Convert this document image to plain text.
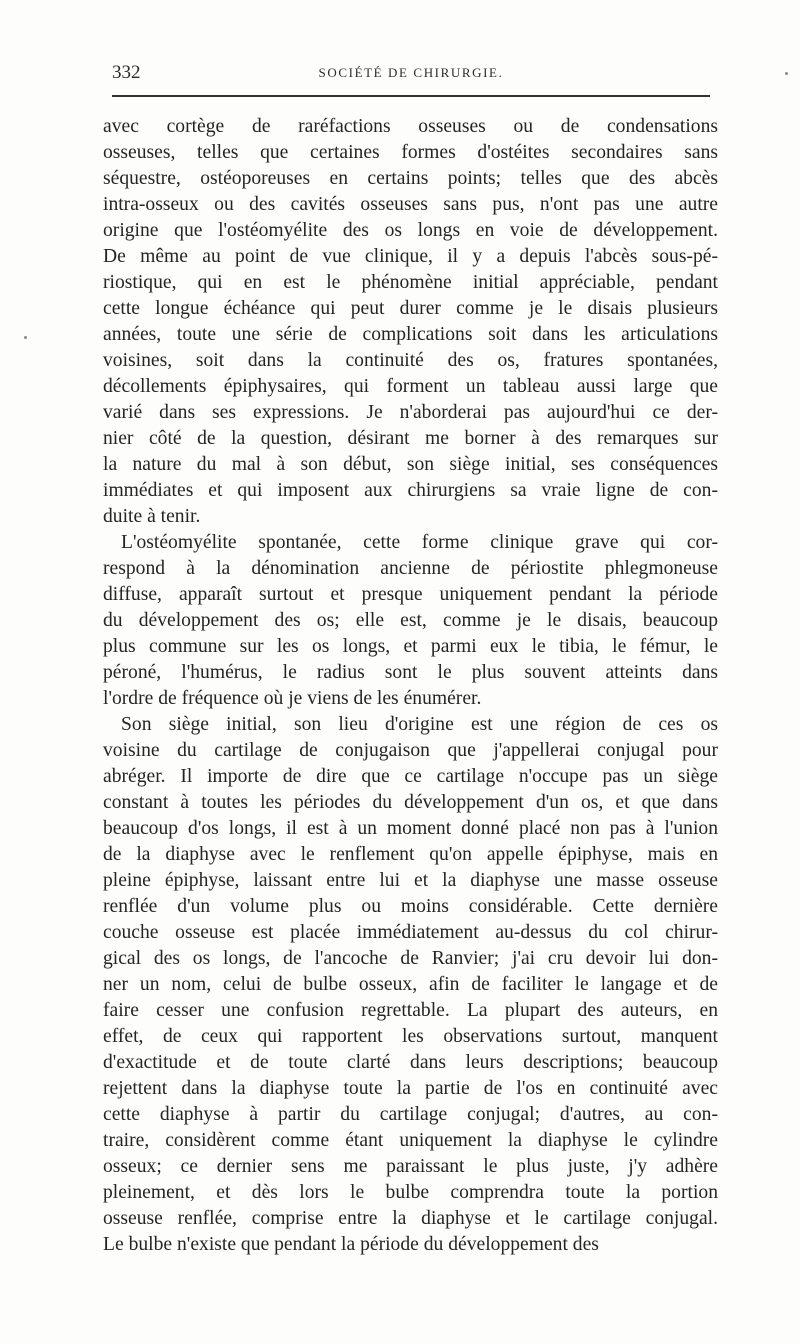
332	SOCIÉTÉ DE CHIRURGIE.
avec cortège de raréfactions osseuses ou de condensations
osseuses, telles que certaines formes d'ostéites secondaires sans
séquestre, ostéoporeuses en certains points; telles que des abcès
intra-osseux ou des cavités osseuses sans pus, n'ont pas une autre
origine que l'ostéomyélite des os longs en voie de développement.
De même au point de vue clinique, il y a depuis l'abcès sous-pé-
riostique, qui en est le phénomène initial appréciable, pendant
cette longue échéance qui peut durer comme je le disais plusieurs
années, toute une série de complications soit dans les articulations
voisines, soit dans la continuité des os, fratures spontanées,
décollements épiphysaires, qui forment un tableau aussi large que
varié dans ses expressions. Je n'aborderai pas aujourd'hui ce der-
nier côté de la question, désirant me borner à des remarques sur
la nature du mal à son début, son siège initial, ses conséquences
immédiates et qui imposent aux chirurgiens sa vraie ligne de con-
duite à tenir.
L'ostéomyélite spontanée, cette forme clinique grave qui cor-
respond à la dénomination ancienne de périostite phlegmoneuse
diffuse, apparaît surtout et presque uniquement pendant la période
du développement des os; elle est, comme je le disais, beaucoup
plus commune sur les os longs, et parmi eux le tibia, le fémur, le
péroné, l'humérus, le radius sont le plus souvent atteints dans
l'ordre de fréquence où je viens de les énumérer.
Son siège initial, son lieu d'origine est une région de ces os
voisine du cartilage de conjugaison que j'appellerai conjugal pour
abréger. Il importe de dire que ce cartilage n'occupe pas un siège
constant à toutes les périodes du développement d'un os, et que dans
beaucoup d'os longs, il est à un moment donné placé non pas à l'union
de la diaphyse avec le renflement qu'on appelle épiphyse, mais en
pleine épiphyse, laissant entre lui et la diaphyse une masse osseuse
renflée d'un volume plus ou moins considérable. Cette dernière
couche osseuse est placée immédiatement au-dessus du col chirur-
gical des os longs, de l'ancoche de Ranvier; j'ai cru devoir lui don-
ner un nom, celui de bulbe osseux, afin de faciliter le langage et de
faire cesser une confusion regrettable. La plupart des auteurs, en
effet, de ceux qui rapportent les observations surtout, manquent
d'exactitude et de toute clarté dans leurs descriptions; beaucoup
rejettent dans la diaphyse toute la partie de l'os en continuité avec
cette diaphyse à partir du cartilage conjugal; d'autres, au con-
traire, considèrent comme étant uniquement la diaphyse le cylindre
osseux; ce dernier sens me paraissant le plus juste, j'y adhère
pleinement, et dès lors le bulbe comprendra toute la portion
osseuse renflée, comprise entre la diaphyse et le cartilage conjugal.
Le bulbe n'existe que pendant la période du développement des
